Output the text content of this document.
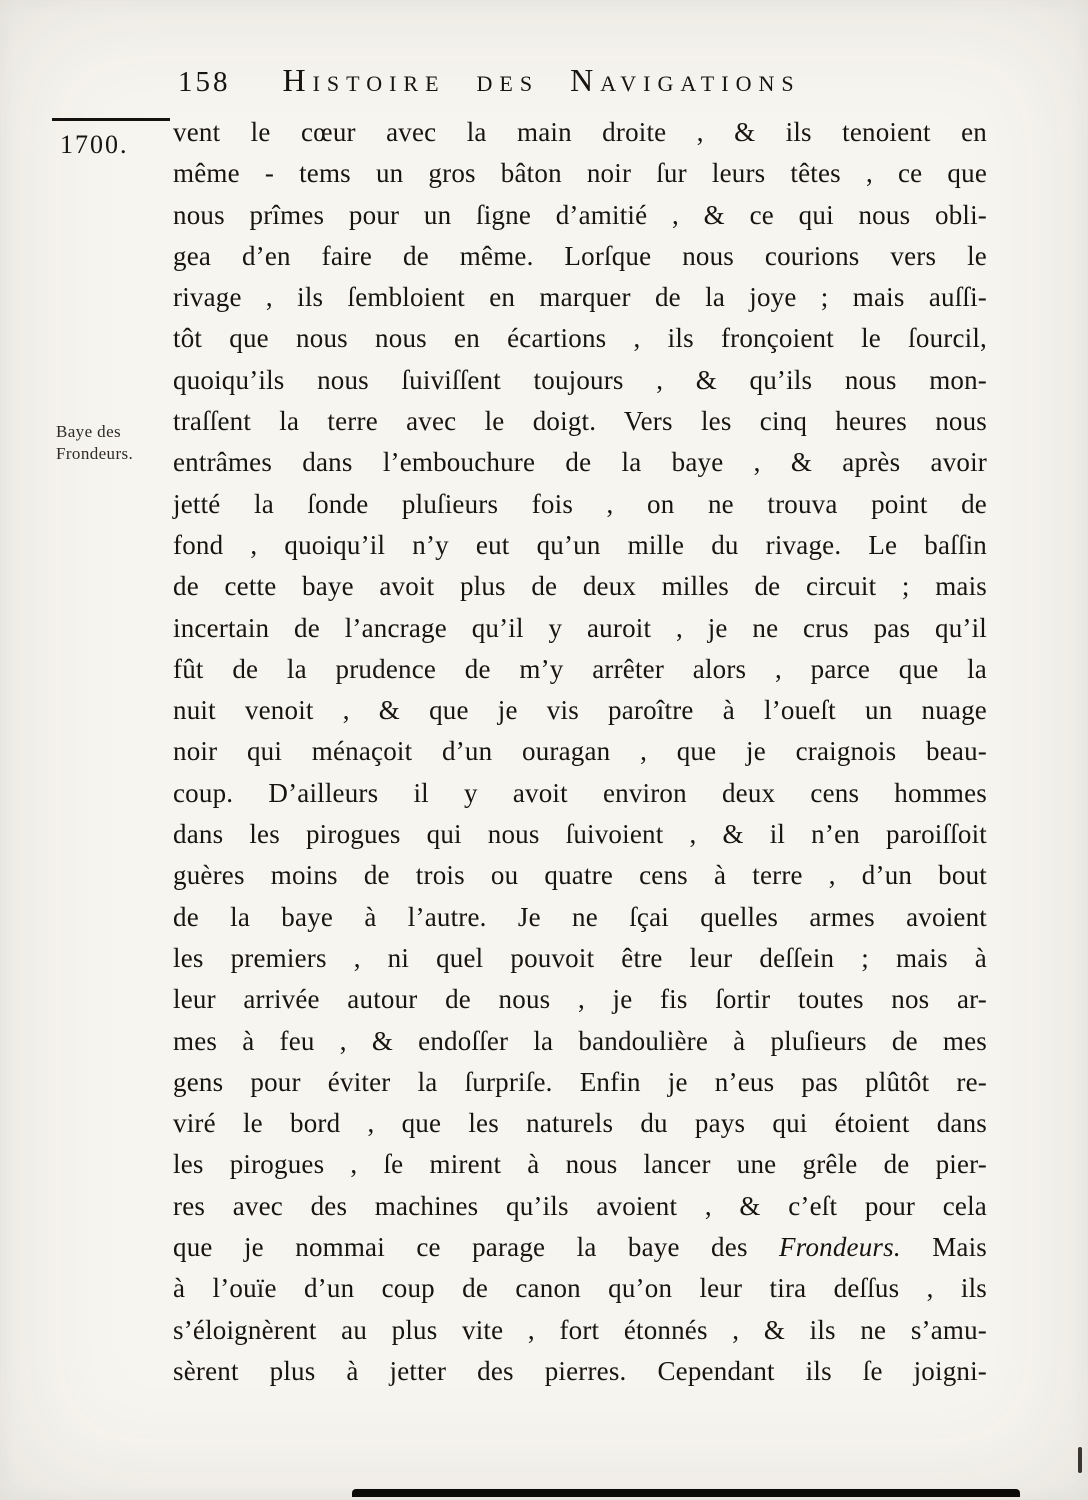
158 Histoire des Navigations
1700.
Baye des
Frondeurs.
vent le cœur avec la main droite , & ils tenoient en
même - tems un gros bâton noir ſur leurs têtes , ce que
nous prîmes pour un ſigne d’amitié , & ce qui nous obli-
gea d’en faire de même. Lorſque nous courions vers le
rivage , ils ſembloient en marquer de la joye ; mais auſſi-
tôt que nous nous en écartions , ils fronçoient le ſourcil,
quoiqu’ils nous ſuiviſſent toujours , & qu’ils nous mon-
traſſent la terre avec le doigt. Vers les cinq heures nous
entrâmes dans l’embouchure de la baye , & après avoir
jetté la ſonde pluſieurs fois , on ne trouva point de
fond , quoiqu’il n’y eut qu’un mille du rivage. Le baſſin
de cette baye avoit plus de deux milles de circuit ; mais
incertain de l’ancrage qu’il y auroit , je ne crus pas qu’il
fût de la prudence de m’y arrêter alors , parce que la
nuit venoit , & que je vis paroître à l’oueſt un nuage
noir qui ménaçoit d’un ouragan , que je craignois beau-
coup. D’ailleurs il y avoit environ deux cens hommes
dans les pirogues qui nous ſuivoient , & il n’en paroiſſoit
guères moins de trois ou quatre cens à terre , d’un bout
de la baye à l’autre. Je ne ſçai quelles armes avoient
les premiers , ni quel pouvoit être leur deſſein ; mais à
leur arrivée autour de nous , je fis ſortir toutes nos ar-
mes à feu , & endoſſer la bandoulière à pluſieurs de mes
gens pour éviter la ſurpriſe. Enfin je n’eus pas plûtôt re-
viré le bord , que les naturels du pays qui étoient dans
les pirogues , ſe mirent à nous lancer une grêle de pier-
res avec des machines qu’ils avoient , & c’eſt pour cela
que je nommai ce parage la baye des Frondeurs. Mais
à l’ouïe d’un coup de canon qu’on leur tira deſſus , ils
s’éloignèrent au plus vite , fort étonnés , & ils ne s’amu-
sèrent plus à jetter des pierres. Cependant ils ſe joigni-
